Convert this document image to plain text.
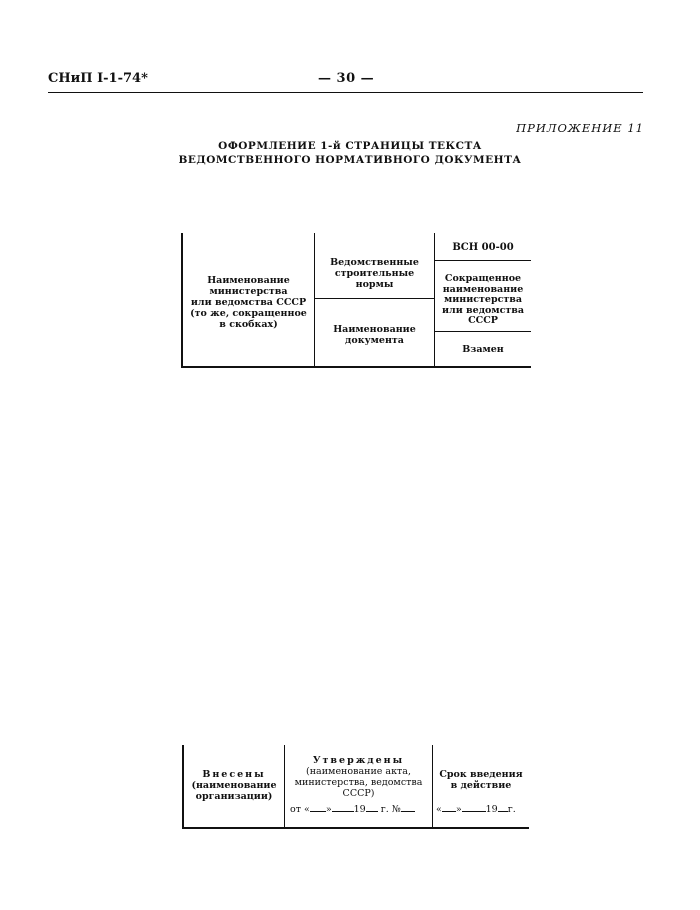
СНиП I-1-74*	— 30 —
ПРИЛОЖЕНИЕ 11
ОФОРМЛЕНИЕ 1-й СТРАНИЦЫ ТЕКСТА
ВЕДОМСТВЕННОГО НОРМАТИВНОГО ДОКУМЕНТА
Наименование
министерства
или ведомства СССР
(то же, сокращенное
в скобках)
Ведомственные
строительные нормы
Наименование
документа
ВСН 00-00
Сокращенное
наименование
министерства
или ведомства
СССР
Взамен
Внесены
(наименование
организации)
Утверждены
(наименование акта,
министерства, ведомства
СССР)
от « » 19 г. №
Срок введения
в действие
« »	19 г.
